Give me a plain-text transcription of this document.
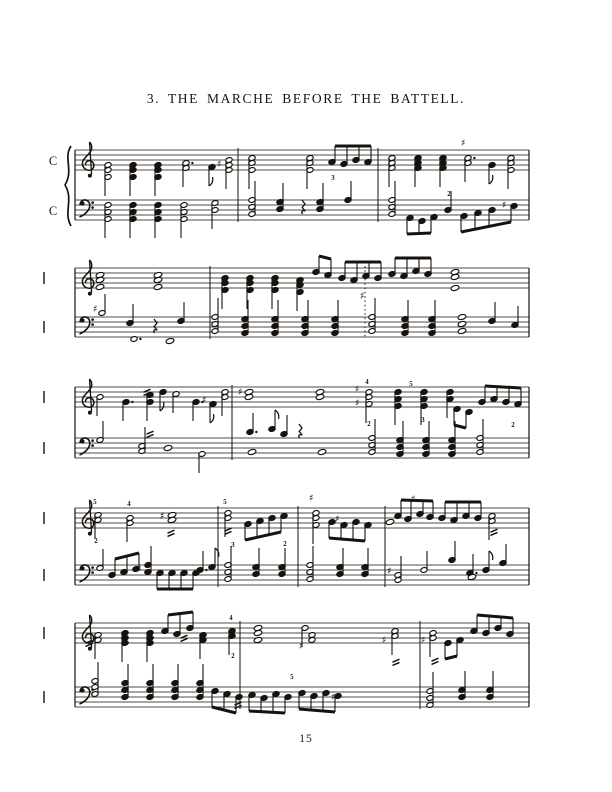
3. THE MARCHE BEFORE THE BATTELL.
C
C
♯
3
♯
2
♯
♯
♯
♯
♯	♯
♯
4	5
2
3
2
5	4
2
♯
5
3	2
♯
♯
♯
♯	♯
4
2
♯
♯	♯
5
♯
15
